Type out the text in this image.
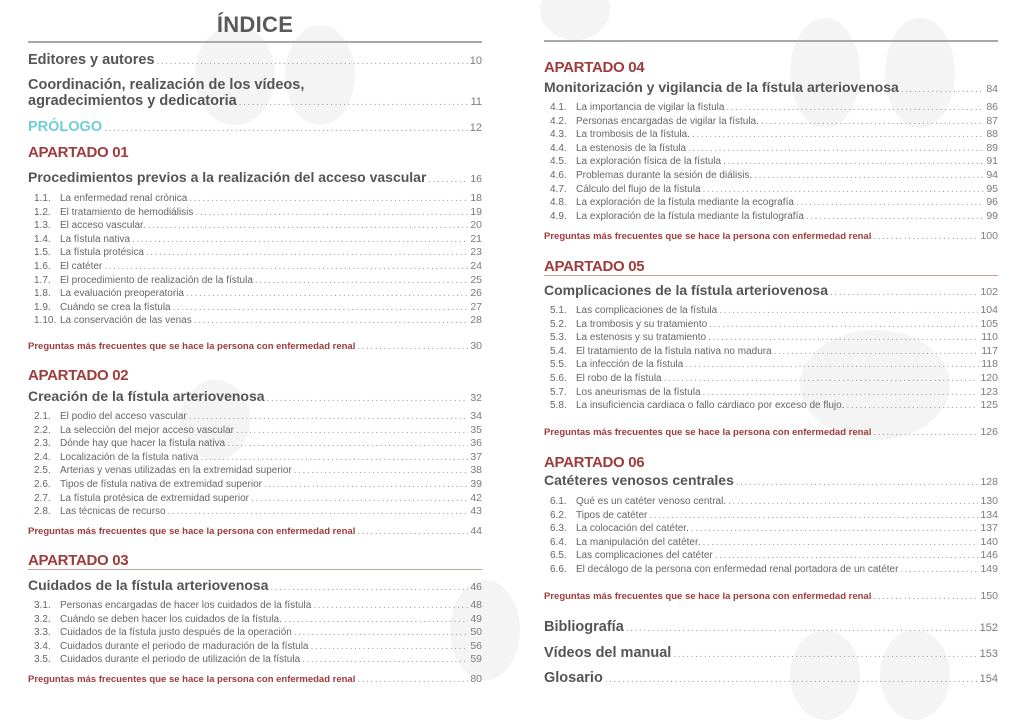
ÍNDICE
Editores y autores . . .	10
Coordinación, realización de los vídeos,
agradecimientos y dedicatoria . . .	11
PRÓLOGO . . .	12
APARTADO 01
Procedimientos previos a la realización del acceso vascular . . .	16
1.1. La enfermedad renal crónica . . .	18
1.2. El tratamiento de hemodiálisis . . .	19
1.3. El acceso vascular. . . .	20
1.4. La fístula nativa . . .	21
1.5. La fístula protésica . . .	23
1.6. El catéter . . .	24
1.7. El procedimiento de realización de la fístula . . .	25
1.8. La evaluación preoperatoria . . .	26
1.9. Cuándo se crea la fístula . . .	27
1.10. La conservación de las venas . . .	28
Preguntas más frecuentes que se hace la persona con enfermedad renal . . .	30
APARTADO 02
Creación de la fístula arteriovenosa . . .	32
2.1. El podio del acceso vascular . . .	34
2.2. La selección del mejor acceso vascular . . .	35
2.3. Dónde hay que hacer la fístula nativa . . .	36
2.4. Localización de la fístula nativa . . .	37
2.5. Arterias y venas utilizadas en la extremidad superior . . .	38
2.6. Tipos de fístula nativa de extremidad superior . . .	39
2.7. La fístula protésica de extremidad superior . . .	42
2.8. Las técnicas de recurso . . .	43
Preguntas más frecuentes que se hace la persona con enfermedad renal . . .	44
APARTADO 03
Cuidados de la fístula arteriovenosa . . .	46
3.1. Personas encargadas de hacer los cuidados de la fístula . . .	48
3.2. Cuándo se deben hacer los cuidados de la fístula. . . .	49
3.3. Cuidados de la fístula justo después de la operación . . .	50
3.4. Cuidados durante el periodo de maduración de la fístula . . .	56
3.5. Cuidados durante el periodo de utilización de la fístula . . .	59
Preguntas más frecuentes que se hace la persona con enfermedad renal . . .	80
APARTADO 04
Monitorización y vigilancia de la fístula arteriovenosa . . .	84
4.1. La importancia de vigilar la fístula . . .	86
4.2. Personas encargadas de vigilar la fístula. . . .	87
4.3. La trombosis de la fístula. . . .	88
4.4. La estenosis de la fístula . . .	89
4.5. La exploración física de la fístula . . .	91
4.6. Problemas durante la sesión de diálisis. . . .	94
4.7. Cálculo del flujo de la fístula . . .	95
4.8. La exploración de la fístula mediante la ecografía . . .	96
4.9. La exploración de la fístula mediante la fistulografía . . .	99
Preguntas más frecuentes que se hace la persona con enfermedad renal . . .	100
APARTADO 05
Complicaciones de la fístula arteriovenosa . . .	102
5.1. Las complicaciones de la fístula . . .	104
5.2. La trombosis y su tratamiento . . .	105
5.3. La estenosis y su tratamiento . . .	110
5.4. El tratamiento de la fístula nativa no madura . . .	117
5.5. La infección de la fístula . . .	118
5.6. El robo de la fístula . . .	120
5.7. Los aneurismas de la fístula . . .	123
5.8. La insuficiencia cardiaca o fallo cardiaco por exceso de flujo. . . .	125
Preguntas más frecuentes que se hace la persona con enfermedad renal . . .	126
APARTADO 06
Catéteres venosos centrales . . .	128
6.1. Qué es un catéter venoso central. . . .	130
6.2. Tipos de catéter . . .	134
6.3. La colocación del catéter. . . .	137
6.4. La manipulación del catéter. . . .	140
6.5. Las complicaciones del catéter . . .	146
6.6. El decálogo de la persona con enfermedad renal portadora de un catéter . . .	149
Preguntas más frecuentes que se hace la persona con enfermedad renal . . .	150
Bibliografía . . .	152
Vídeos del manual . . .	153
Glosario . . .	154
